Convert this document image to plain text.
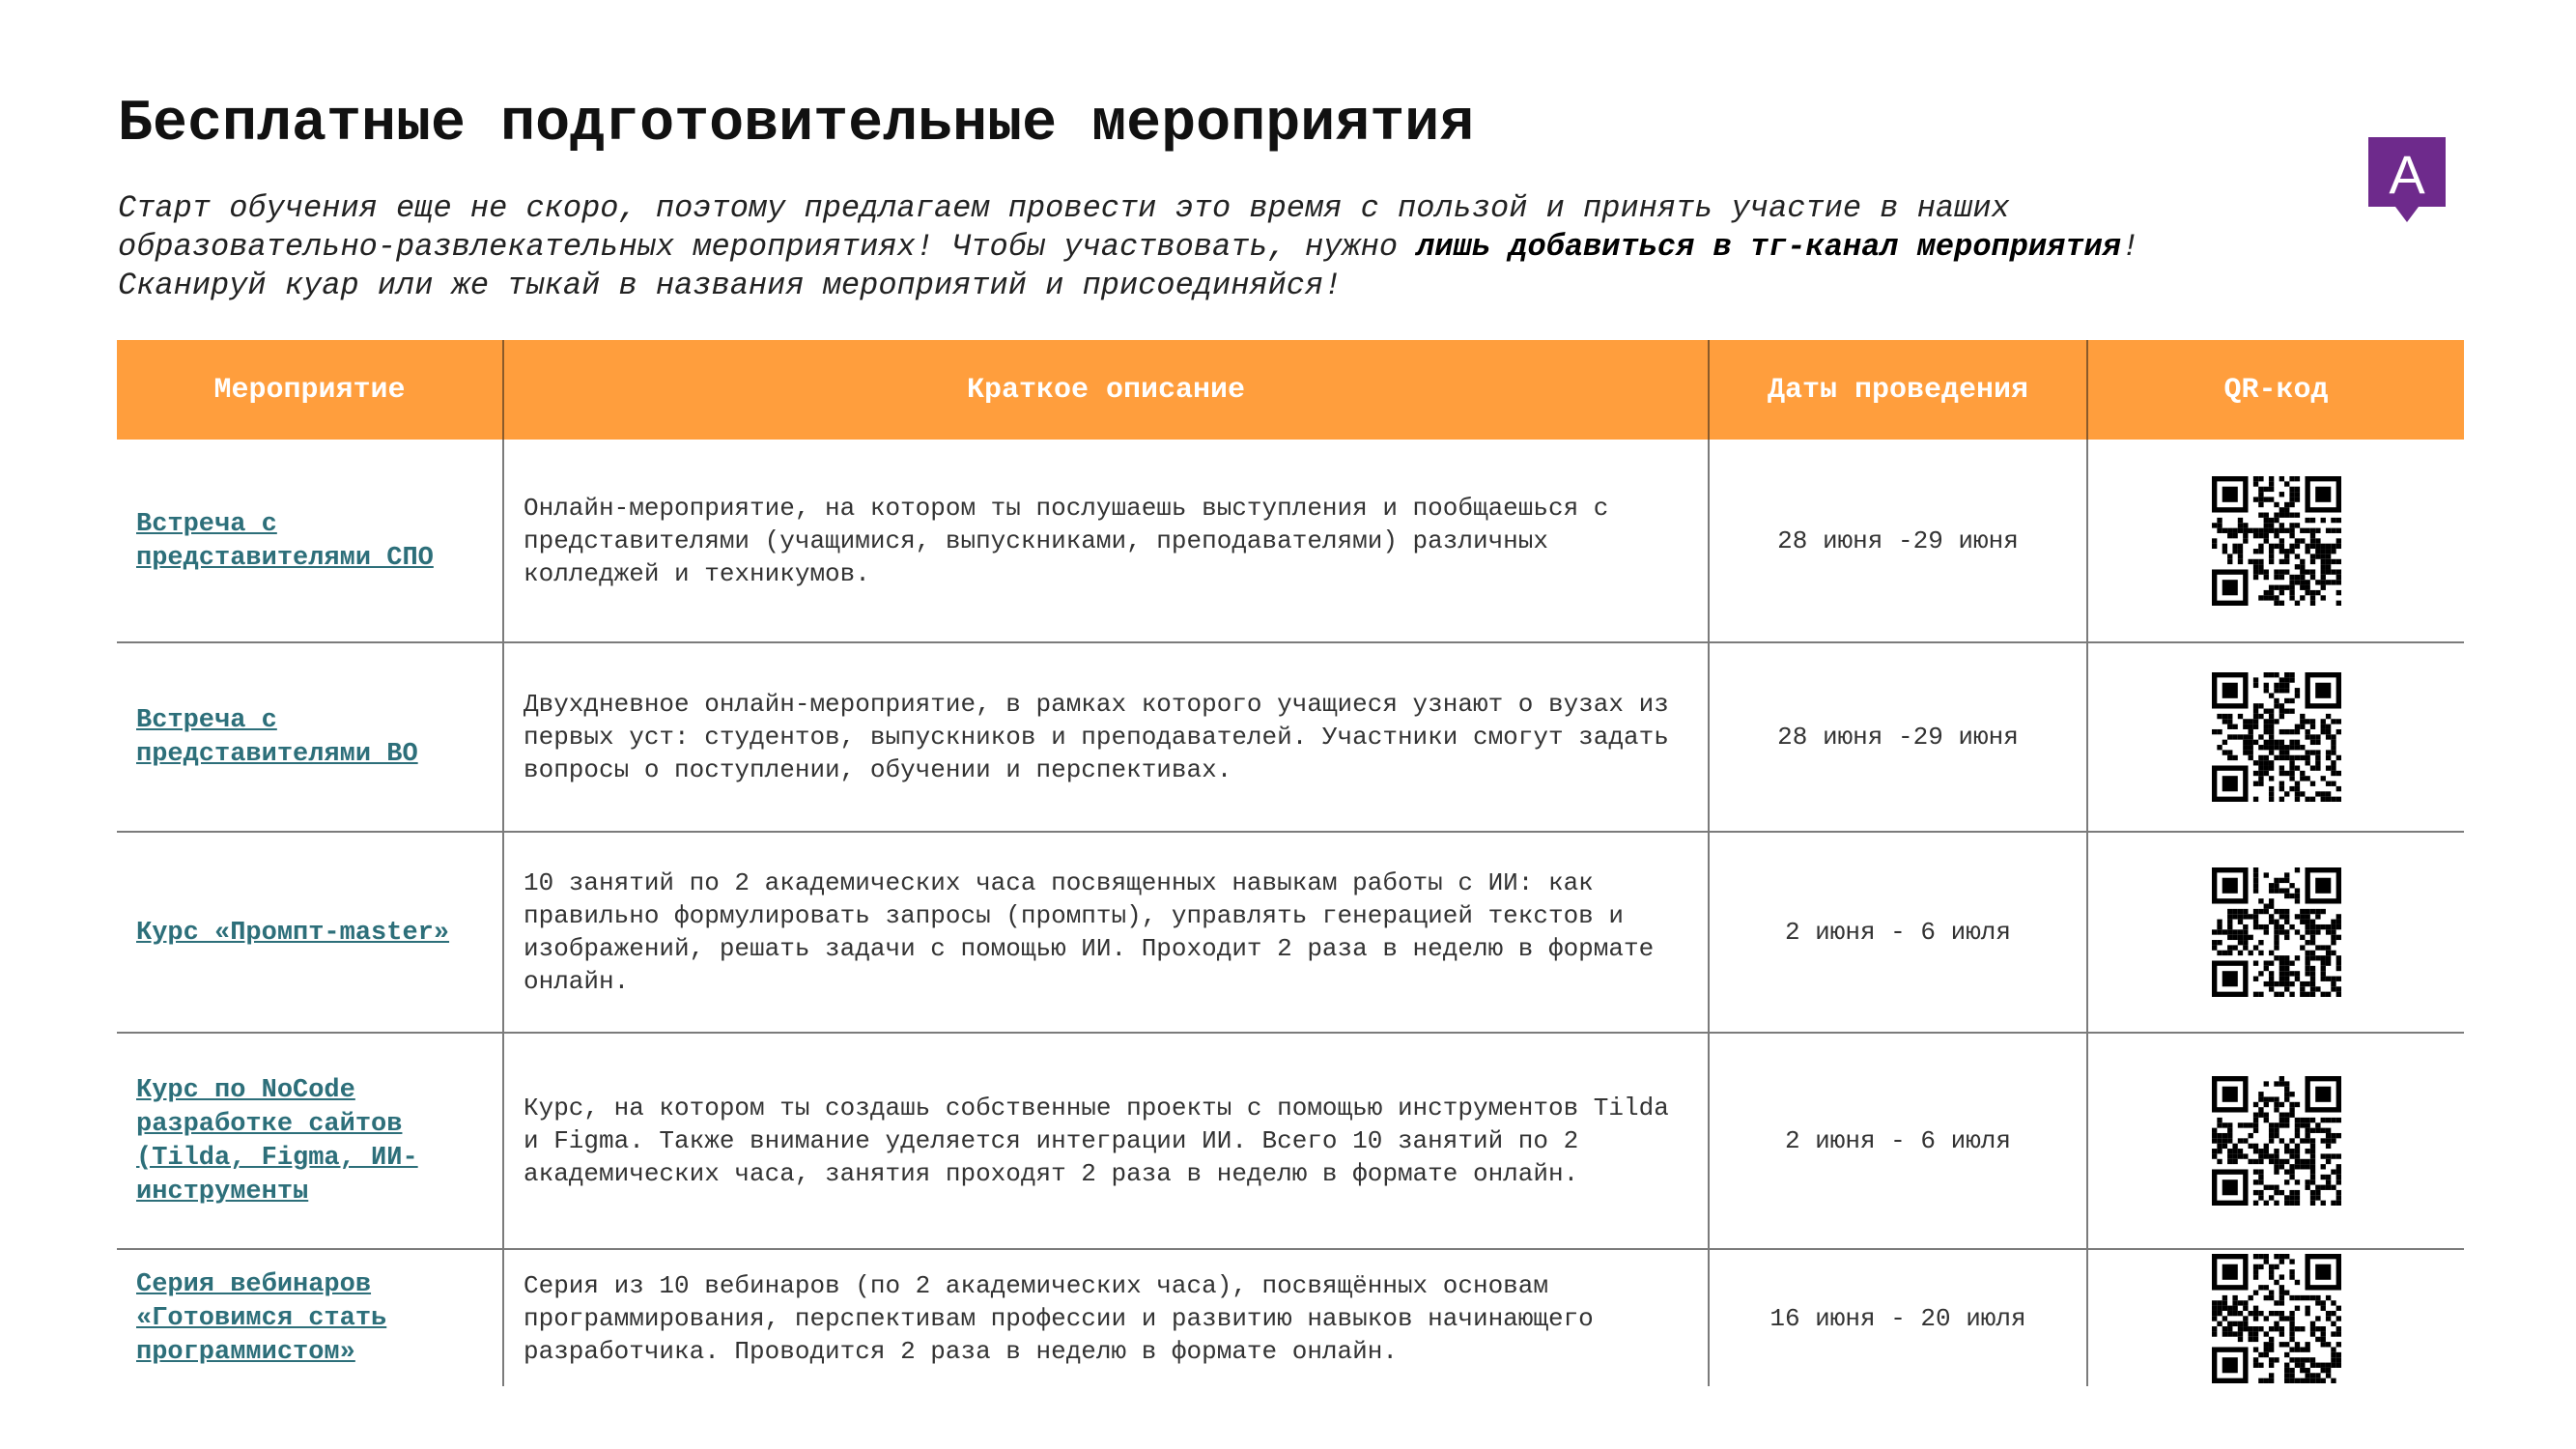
Бесплатные подготовительные мероприятия
Старт обучения еще не скоро, поэтому предлагаем провести это время с пользой и принять участие в наших образовательно-развлекательных мероприятиях! Чтобы участвовать, нужно лишь добавиться в тг-канал мероприятия! Сканируй куар или же тыкай в названия мероприятий и присоединяйся!
A
Мероприятие	Краткое описание	Даты проведения	QR-код
Встреча с представителями СПО	Онлайн-мероприятие, на котором ты послушаешь выступления и пообщаешься с представителями (учащимися, выпускниками, преподавателями) различных колледжей и техникумов.	28 июня -29 июня	
Встреча с представителями ВО	Двухдневное онлайн-мероприятие, в рамках которого учащиеся узнают о вузах из первых уст: студентов, выпускников и преподавателей. Участники смогут задать вопросы о поступлении, обучении и перспективах.	28 июня -29 июня	
Курс «Промпт-master»	10 занятий по 2 академических часа посвященных навыкам работы с ИИ: как правильно формулировать запросы (промпты), управлять генерацией текстов и изображений, решать задачи с помощью ИИ. Проходит 2 раза в неделю в формате онлайн.	2 июня - 6 июля	
Курс по NoCode разработке сайтов (Tilda, Figma, ИИ-инструменты	Курс, на котором ты создашь собственные проекты с помощью инструментов Tilda и Figma. Также внимание уделяется интеграции ИИ. Всего 10 занятий по 2 академических часа, занятия проходят 2 раза в неделю в формате онлайн.	2 июня - 6 июля	
Серия вебинаров «Готовимся стать программистом»	Серия из 10 вебинаров (по 2 академических часа), посвящённых основам программирования, перспективам профессии и развитию навыков начинающего разработчика. Проводится 2 раза в неделю в формате онлайн.	16 июня - 20 июля	
